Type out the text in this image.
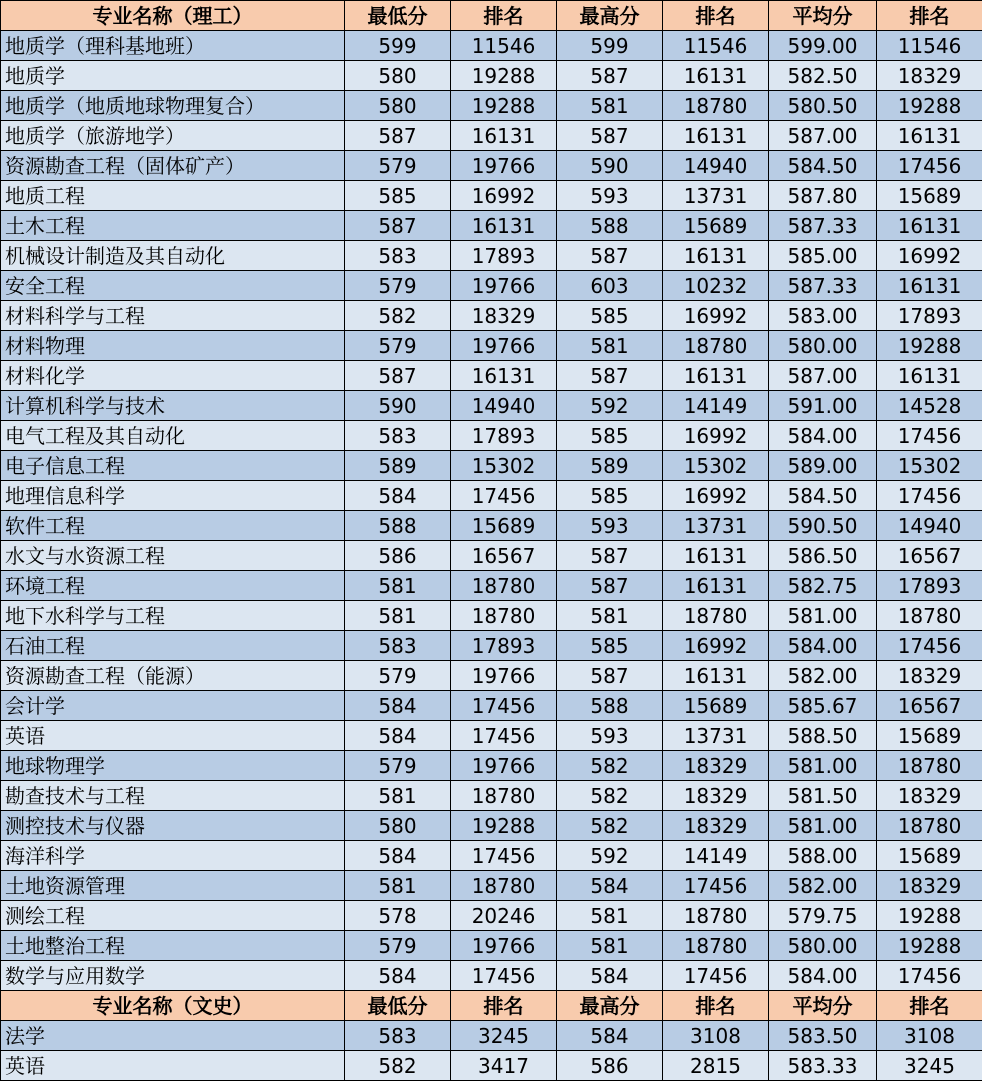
专业名称（理工）	最低分	排名	最高分	排名	平均分	排名
地质学（理科基地班）	599	11546	599	11546	599.00	11546
地质学	580	19288	587	16131	582.50	18329
地质学（地质地球物理复合）	580	19288	581	18780	580.50	19288
地质学（旅游地学）	587	16131	587	16131	587.00	16131
资源勘查工程（固体矿产）	579	19766	590	14940	584.50	17456
地质工程	585	16992	593	13731	587.80	15689
土木工程	587	16131	588	15689	587.33	16131
机械设计制造及其自动化	583	17893	587	16131	585.00	16992
安全工程	579	19766	603	10232	587.33	16131
材料科学与工程	582	18329	585	16992	583.00	17893
材料物理	579	19766	581	18780	580.00	19288
材料化学	587	16131	587	16131	587.00	16131
计算机科学与技术	590	14940	592	14149	591.00	14528
电气工程及其自动化	583	17893	585	16992	584.00	17456
电子信息工程	589	15302	589	15302	589.00	15302
地理信息科学	584	17456	585	16992	584.50	17456
软件工程	588	15689	593	13731	590.50	14940
水文与水资源工程	586	16567	587	16131	586.50	16567
环境工程	581	18780	587	16131	582.75	17893
地下水科学与工程	581	18780	581	18780	581.00	18780
石油工程	583	17893	585	16992	584.00	17456
资源勘查工程（能源）	579	19766	587	16131	582.00	18329
会计学	584	17456	588	15689	585.67	16567
英语	584	17456	593	13731	588.50	15689
地球物理学	579	19766	582	18329	581.00	18780
勘查技术与工程	581	18780	582	18329	581.50	18329
测控技术与仪器	580	19288	582	18329	581.00	18780
海洋科学	584	17456	592	14149	588.00	15689
土地资源管理	581	18780	584	17456	582.00	18329
测绘工程	578	20246	581	18780	579.75	19288
土地整治工程	579	19766	581	18780	580.00	19288
数学与应用数学	584	17456	584	17456	584.00	17456
专业名称（文史）	最低分	排名	最高分	排名	平均分	排名
法学	583	3245	584	3108	583.50	3108
英语	582	3417	586	2815	583.33	3245
